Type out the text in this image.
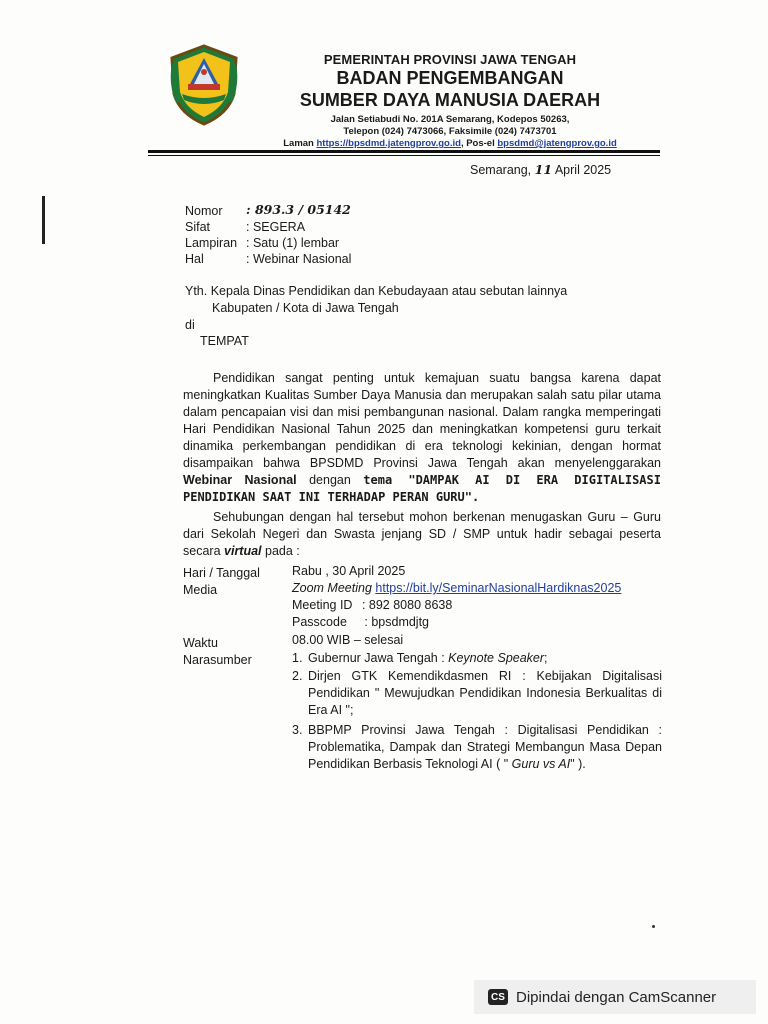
PEMERINTAH PROVINSI JAWA TENGAH
BADAN PENGEMBANGAN
SUMBER DAYA MANUSIA DAERAH
Jalan Setiabudi No. 201A Semarang, Kodepos 50263,
Telepon (024) 7473066, Faksimile (024) 7473701
Laman https://bpsdmd.jatengprov.go.id, Pos-el bpsdmd@jatengprov.go.id
Semarang, 11 April 2025
Nomor : 893.3 / 05142
Sifat	: SEGERA
Lampiran : Satu (1) lembar
Hal	: Webinar Nasional
Yth. Kepala Dinas Pendidikan dan Kebudayaan atau sebutan lainnya
Kabupaten / Kota di Jawa Tengah
di
TEMPAT
Pendidikan sangat penting untuk kemajuan suatu bangsa karena dapat meningkatkan Kualitas Sumber Daya Manusia dan merupakan salah satu pilar utama dalam pencapaian visi dan misi pembangunan nasional. Dalam rangka memperingati Hari Pendidikan Nasional Tahun 2025 dan meningkatkan kompetensi guru terkait dinamika perkembangan pendidikan di era teknologi kekinian, dengan hormat disampaikan bahwa BPSDMD Provinsi Jawa Tengah akan menyelenggarakan Webinar Nasional dengan tema "DAMPAK AI DI ERA DIGITALISASI PENDIDIKAN SAAT INI TERHADAP PERAN GURU".
Sehubungan dengan hal tersebut mohon berkenan menugaskan Guru – Guru dari Sekolah Negeri dan Swasta jenjang SD / SMP untuk hadir sebagai peserta secara virtual pada :
Hari / Tanggal	Rabu , 30 April 2025
Media	Zoom Meeting https://bit.ly/SeminarNasionalHardiknas2025
Meeting ID : 892 8080 8638
Passcode : bpsdmdjtg
Waktu	08.00 WIB – selesai
Narasumber	1. Gubernur Jawa Tengah : Keynote Speaker;
2. Dirjen GTK Kemendikdasmen RI : Kebijakan Digitalisasi Pendidikan " Mewujudkan Pendidikan Indonesia Berkualitas di Era AI ";
3. BBPMP Provinsi Jawa Tengah : Digitalisasi Pendidikan : Problematika, Dampak dan Strategi Membangun Masa Depan Pendidikan Berbasis Teknologi AI ( " Guru vs AI" ).
CS Dipindai dengan CamScanner
